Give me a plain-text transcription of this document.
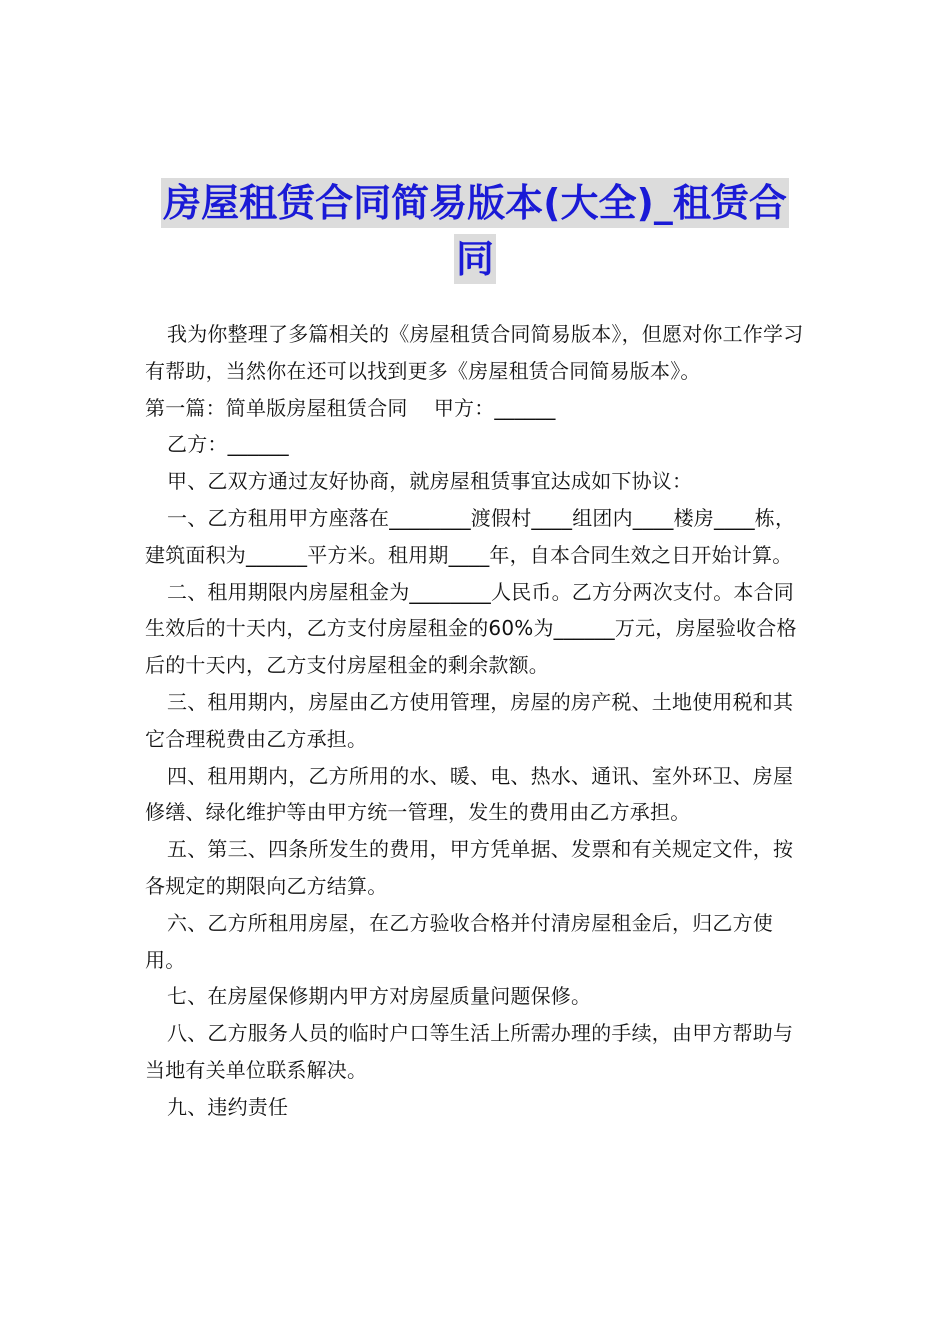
房屋租赁合同简易版本(大全)_租赁合
同

我为你整理了多篇相关的《房屋租赁合同简易版本》，但愿对你工作学习有帮助，当然你在还可以找到更多《房屋租赁合同简易版本》。

第一篇：简单版房屋租赁合同    甲方：______

乙方：______

甲、乙双方通过友好协商，就房屋租赁事宜达成如下协议：

一、乙方租用甲方座落在________渡假村____组团内____楼房____栋，建筑面积为______平方米。租用期____年，自本合同生效之日开始计算。

二、租用期限内房屋租金为________人民币。乙方分两次支付。本合同生效后的十天内，乙方支付房屋租金的60%为______万元，房屋验收合格后的十天内，乙方支付房屋租金的剩余款额。

三、租用期内，房屋由乙方使用管理，房屋的房产税、土地使用税和其它合理税费由乙方承担。

四、租用期内，乙方所用的水、暖、电、热水、通讯、室外环卫、房屋修缮、绿化维护等由甲方统一管理，发生的费用由乙方承担。

五、第三、四条所发生的费用，甲方凭单据、发票和有关规定文件，按各规定的期限向乙方结算。

六、乙方所租用房屋，在乙方验收合格并付清房屋租金后，归乙方使用。

七、在房屋保修期内甲方对房屋质量问题保修。

八、乙方服务人员的临时户口等生活上所需办理的手续，由甲方帮助与当地有关单位联系解决。

九、违约责任
